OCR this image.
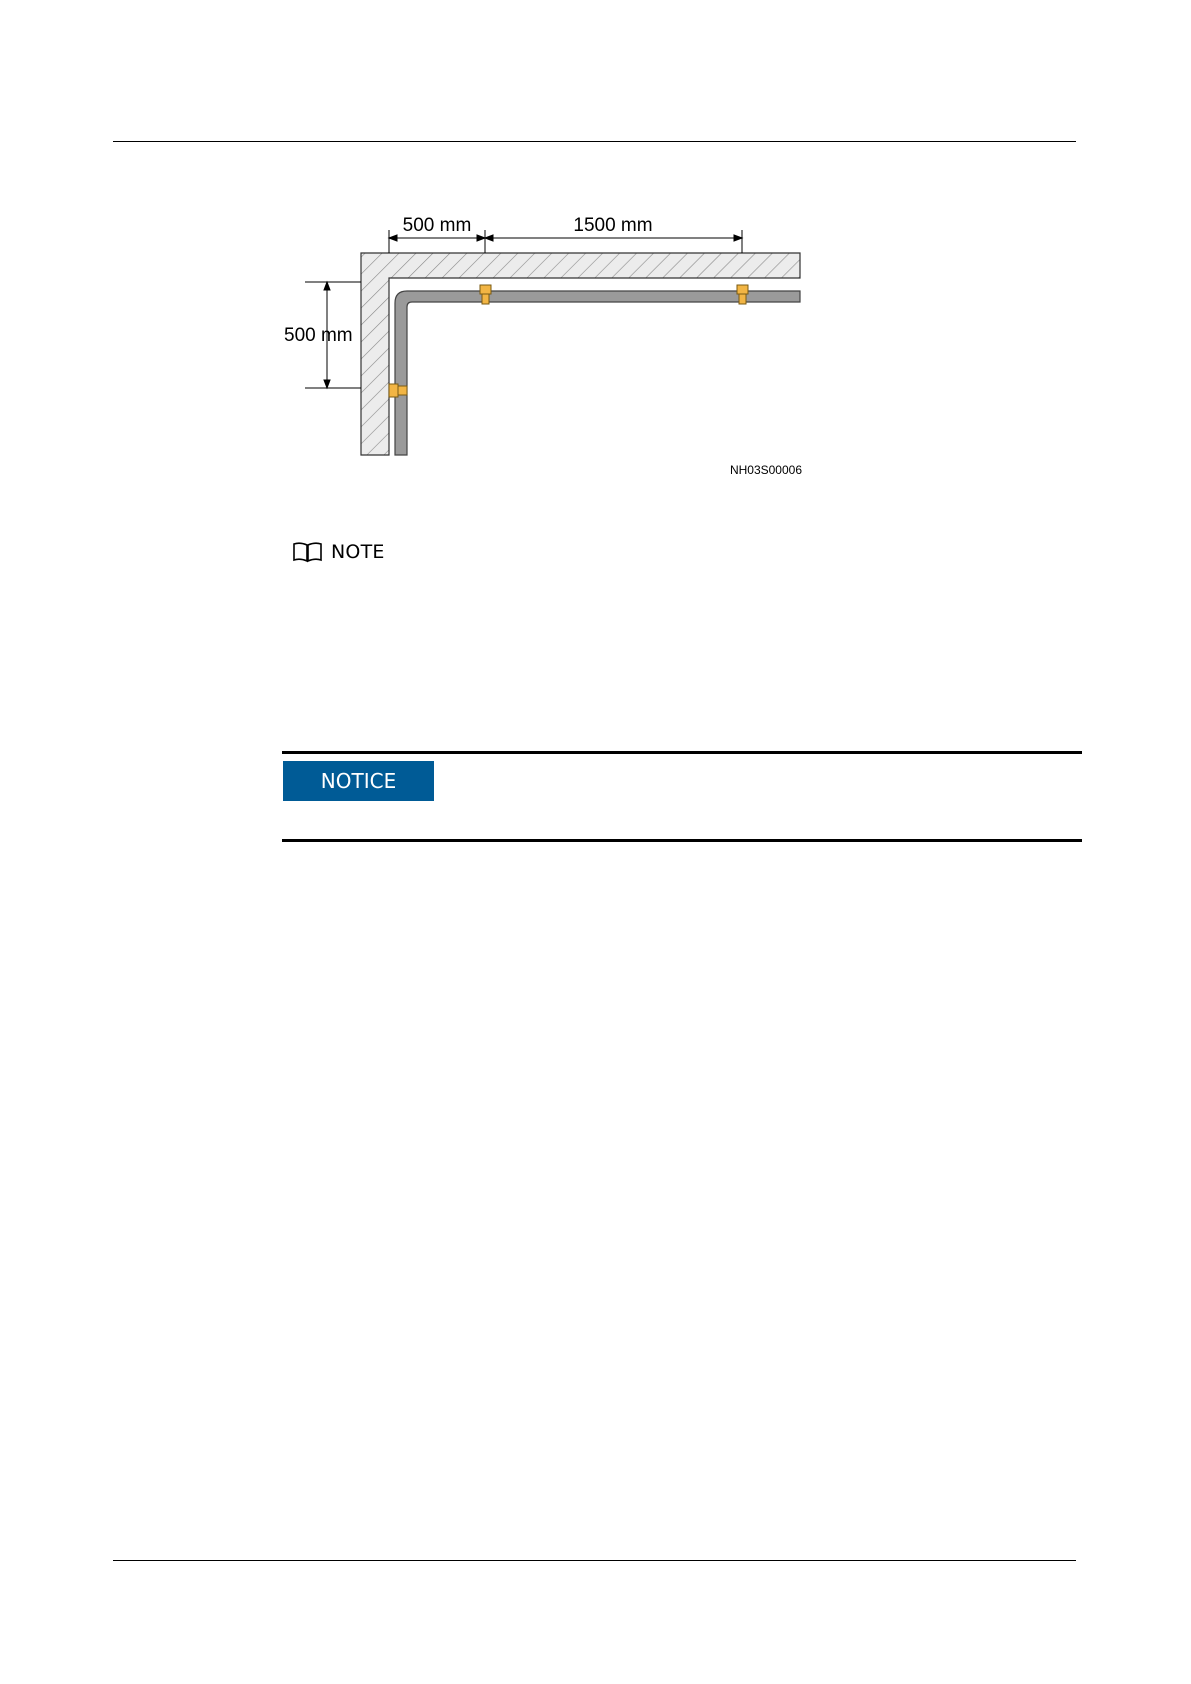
500 mm	1500 mm
500 mm
NH03S00006
NOTE
NOTICE
